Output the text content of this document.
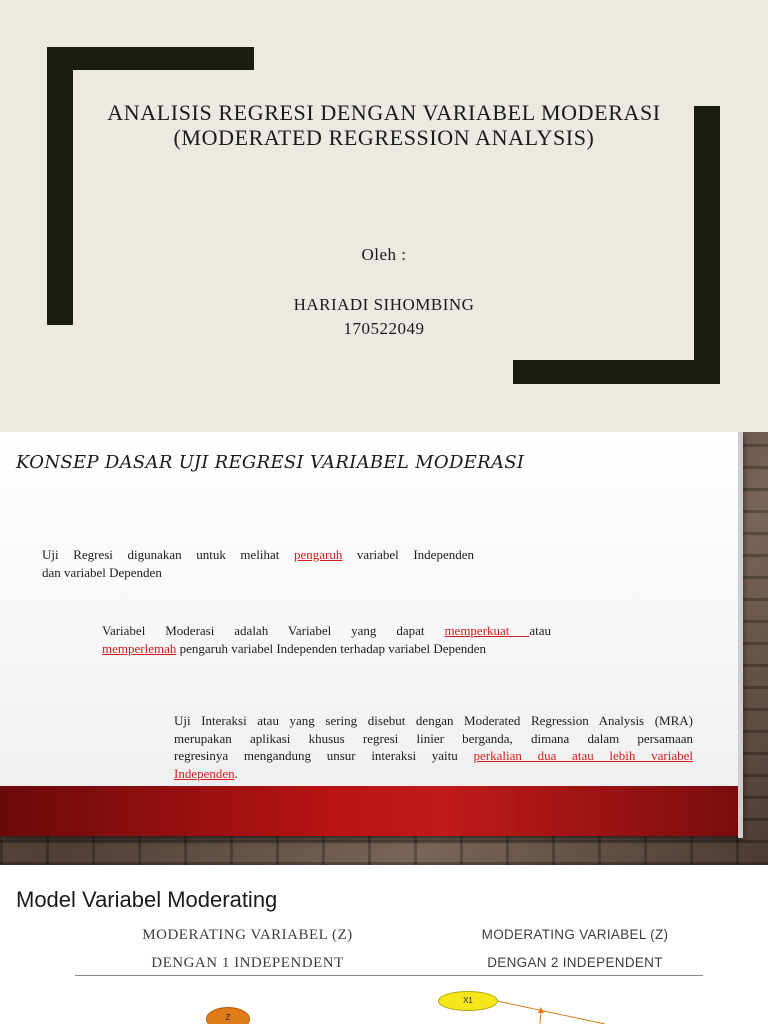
ANALISIS REGRESI DENGAN VARIABEL MODERASI
(MODERATED REGRESSION ANALYSIS)
Oleh :
HARIADI SIHOMBING
170522049
KONSEP DASAR UJI REGRESI VARIABEL MODERASI
Uji Regresi digunakan untuk melihat pengaruh variabel Independen
dan variabel Dependen
Variabel Moderasi adalah Variabel yang dapat memperkuat atau
memperlemah pengaruh variabel Independen terhadap variabel Dependen
Uji Interaksi atau yang sering disebut dengan Moderated Regression Analysis (MRA)
merupakan aplikasi khusus regresi linier berganda, dimana dalam persamaan
regresinya mengandung unsur interaksi yaitu perkalian dua atau lebih variabel
Independen.
Model Variabel Moderating
MODERATING VARIABEL (Z)
DENGAN 1 INDEPENDENT
MODERATING VARIABEL (Z)
DENGAN 2 INDEPENDENT
Z
X1
